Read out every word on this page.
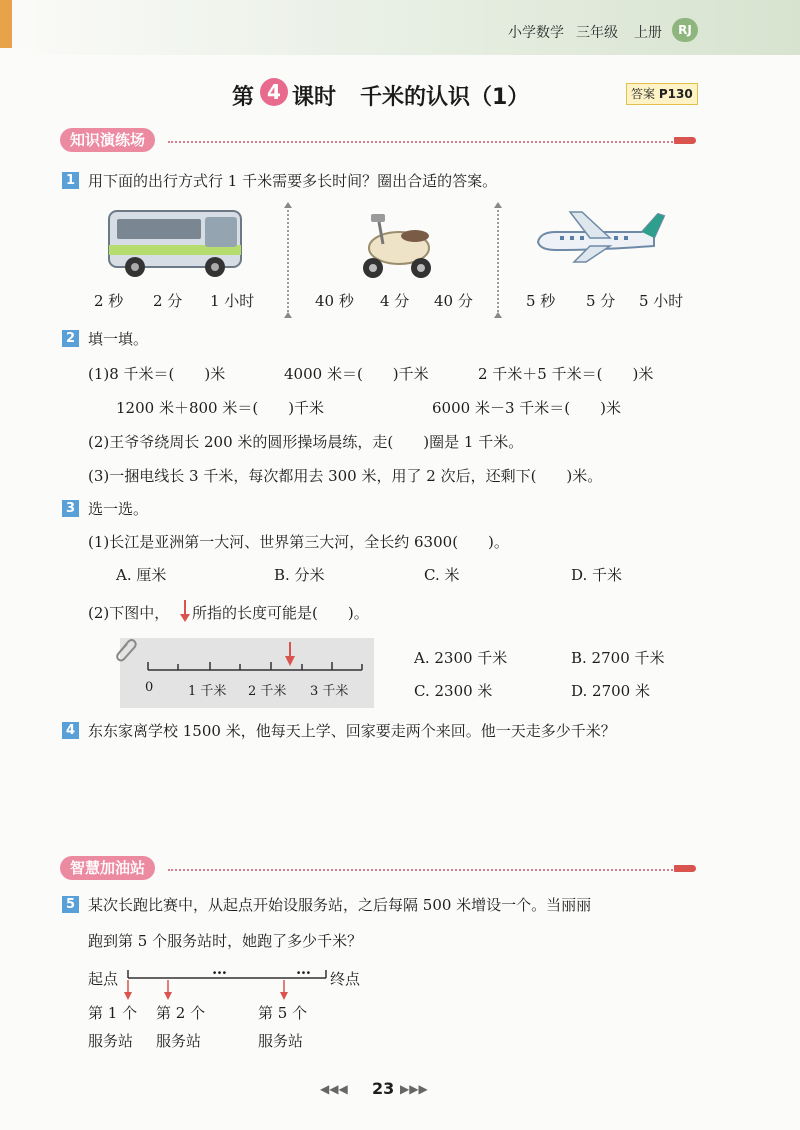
小学数学 三年级 上册	RJ
第 4 课时 千米的认识（1）	答案 P130
知识演练场
1 用下面的出行方式行 1 千米需要多长时间？圈出合适的答案。
2 秒 2 分 1 小时	40 秒 4 分 40 分	5 秒 5 分 5 小时
2 填一填。
(1)8 千米＝(　　)米	4000 米＝(　　)千米	2 千米＋5 千米＝(　　)米
1200 米＋800 米＝(　　)千米	6000 米－3 千米＝(　　)米
(2)王爷爷绕周长 200 米的圆形操场晨练，走(　　)圈是 1 千米。
(3)一捆电线长 3 千米，每次都用去 300 米，用了 2 次后，还剩下(　　)米。
3 选一选。
(1)长江是亚洲第一大河、世界第三大河，全长约 6300(　　)。
A. 厘米	B. 分米	C. 米	D. 千米
(2)下图中， 所指的长度可能是(　　)。
0	1 千米 2 千米 3 千米
A. 2300 千米	B. 2700 千米
C. 2300 米	D. 2700 米
4 东东家离学校 1500 米，他每天上学、回家要走两个来回。他一天走多少千米？
智慧加油站
5 某次长跑比赛中，从起点开始设服务站，之后每隔 500 米增设一个。当丽丽
跑到第 5 个服务站时，她跑了多少千米？
起点	终点
…	…
第 1 个
服务站
第 2 个
服务站
第 5 个
服务站
◀◀◀ 23 ▶▶▶
